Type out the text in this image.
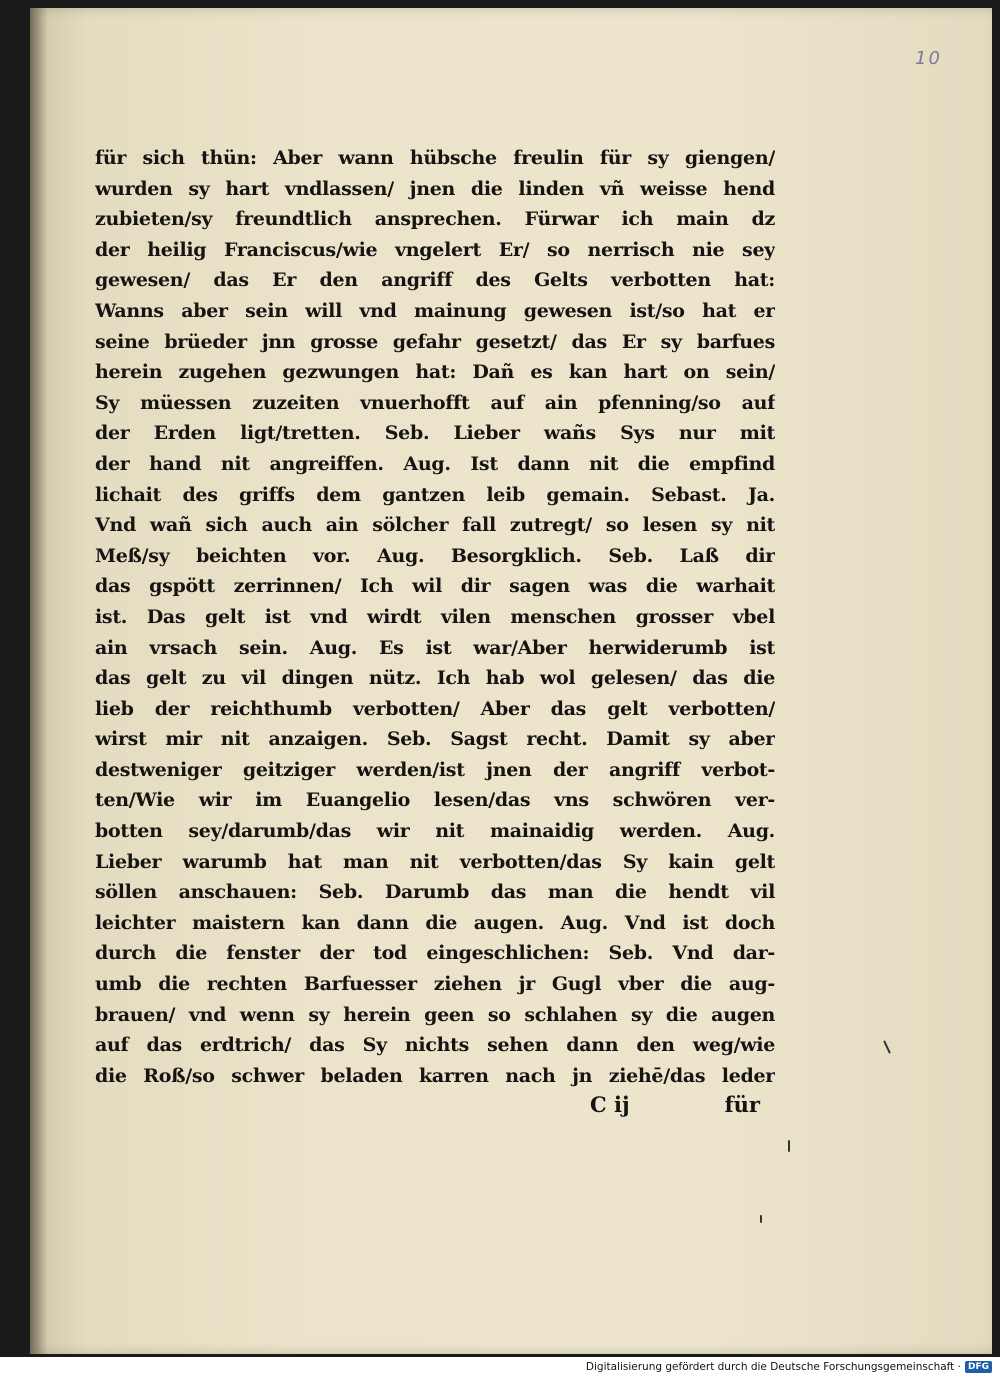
10
für sich thün: Aber wann hübsche freulin für sy giengen/
wurden sy hart vndlassen/ jnen die linden vñ weisse hend
zubieten/sy freundtlich ansprechen. Fürwar ich main dz
der heilig Franciscus/wie vngelert Er/ so nerrisch nie sey
gewesen/ das Er den angriff des Gelts verbotten hat:
Wanns aber sein will vnd mainung gewesen ist/so hat er
seine brüeder jnn grosse gefahr gesetzt/ das Er sy barfues
herein zugehen gezwungen hat: Dañ es kan hart on sein/
Sy müessen zuzeiten vnuerhofft auf ain pfenning/so auf
der Erden ligt/tretten. Seb. Lieber wañs Sys nur mit
der hand nit angreiffen. Aug. Ist dann nit die empfind
lichait des griffs dem gantzen leib gemain. Sebast. Ja.
Vnd wañ sich auch ain sölcher fall zutregt/ so lesen sy nit
Meß/sy beichten vor. Aug. Besorgklich. Seb. Laß dir
das gspött zerrinnen/ Ich wil dir sagen was die warhait
ist. Das gelt ist vnd wirdt vilen menschen grosser vbel
ain vrsach sein. Aug. Es ist war/Aber herwiderumb ist
das gelt zu vil dingen nütz. Ich hab wol gelesen/ das die
lieb der reichthumb verbotten/ Aber das gelt verbotten/
wirst mir nit anzaigen. Seb. Sagst recht. Damit sy aber
destweniger geitziger werden/ist jnen der angriff verbot-
ten/Wie wir im Euangelio lesen/das vns schwören ver-
botten sey/darumb/das wir nit mainaidig werden. Aug.
Lieber warumb hat man nit verbotten/das Sy kain gelt
söllen anschauen: Seb. Darumb das man die hendt vil
leichter maistern kan dann die augen. Aug. Vnd ist doch
durch die fenster der tod eingeschlichen: Seb. Vnd dar-
umb die rechten Barfuesser ziehen jr Gugl vber die aug-
brauen/ vnd wenn sy herein geen so schlahen sy die augen
auf das erdtrich/ das Sy nichts sehen dann den weg/wie
die Roß/so schwer beladen karren nach jn ziehē/das leder
C ij	für
Digitalisierung gefördert durch die Deutsche Forschungsgemeinschaft · DFG
